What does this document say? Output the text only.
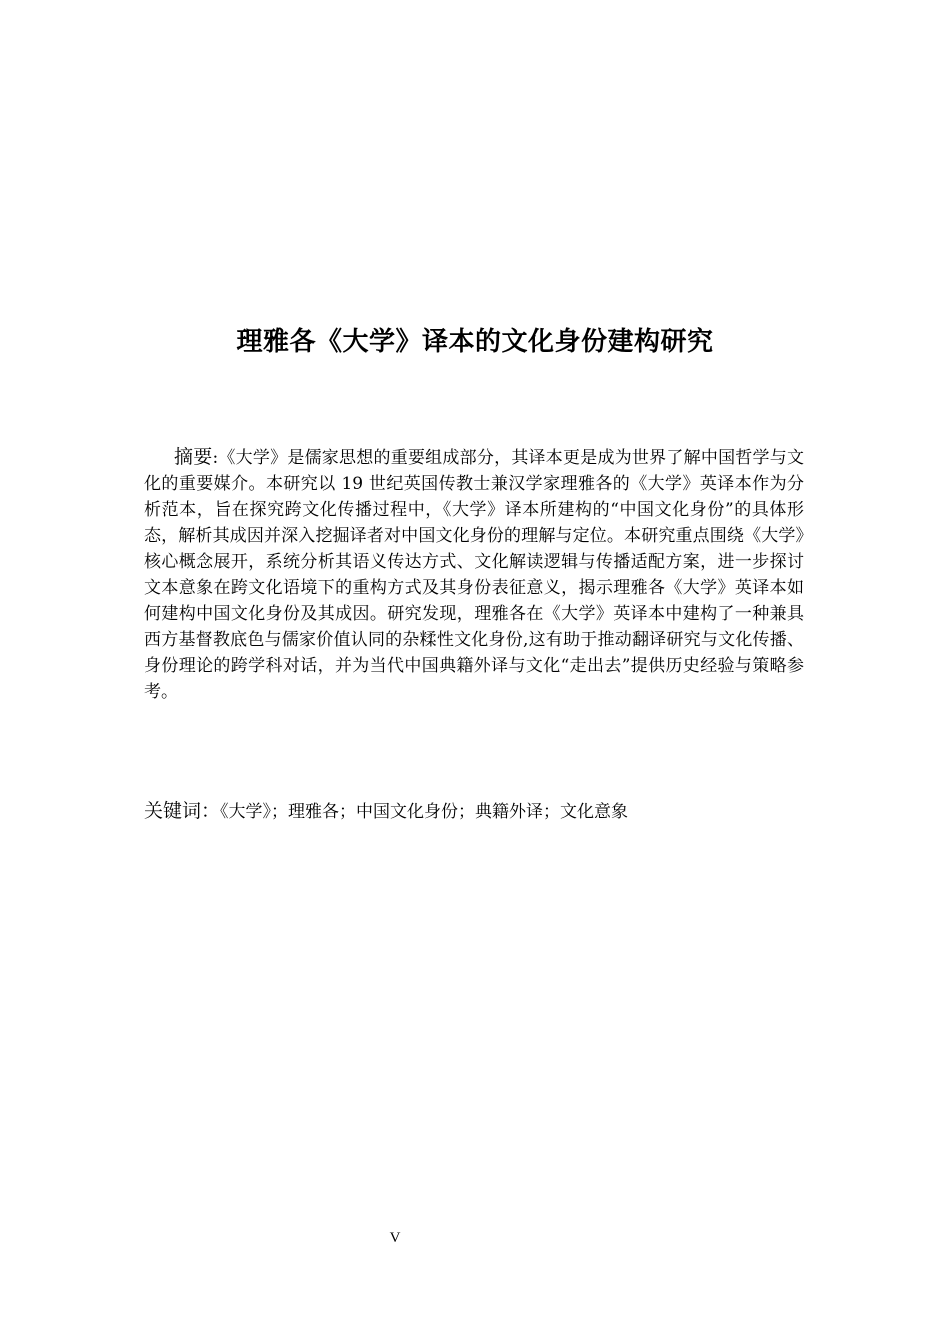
理雅各《大学》译本的文化身份建构研究
摘要:《大学》是儒家思想的重要组成部分，其译本更是成为世界了解中国哲学与文化的重要媒介。本研究以 19 世纪英国传教士兼汉学家理雅各的《大学》英译本作为分析范本，旨在探究跨文化传播过程中，《大学》译本所建构的“中国文化身份”的具体形态，解析其成因并深入挖掘译者对中国文化身份的理解与定位。本研究重点围绕《大学》核心概念展开，系统分析其语义传达方式、文化解读逻辑与传播适配方案，进一步探讨文本意象在跨文化语境下的重构方式及其身份表征意义，揭示理雅各《大学》英译本如何建构中国文化身份及其成因。研究发现，理雅各在《大学》英译本中建构了一种兼具西方基督教底色与儒家价值认同的杂糅性文化身份,这有助于推动翻译研究与文化传播、身份理论的跨学科对话，并为当代中国典籍外译与文化“走出去”提供历史经验与策略参考。
关键词：《大学》；理雅各；中国文化身份；典籍外译；文化意象
V
